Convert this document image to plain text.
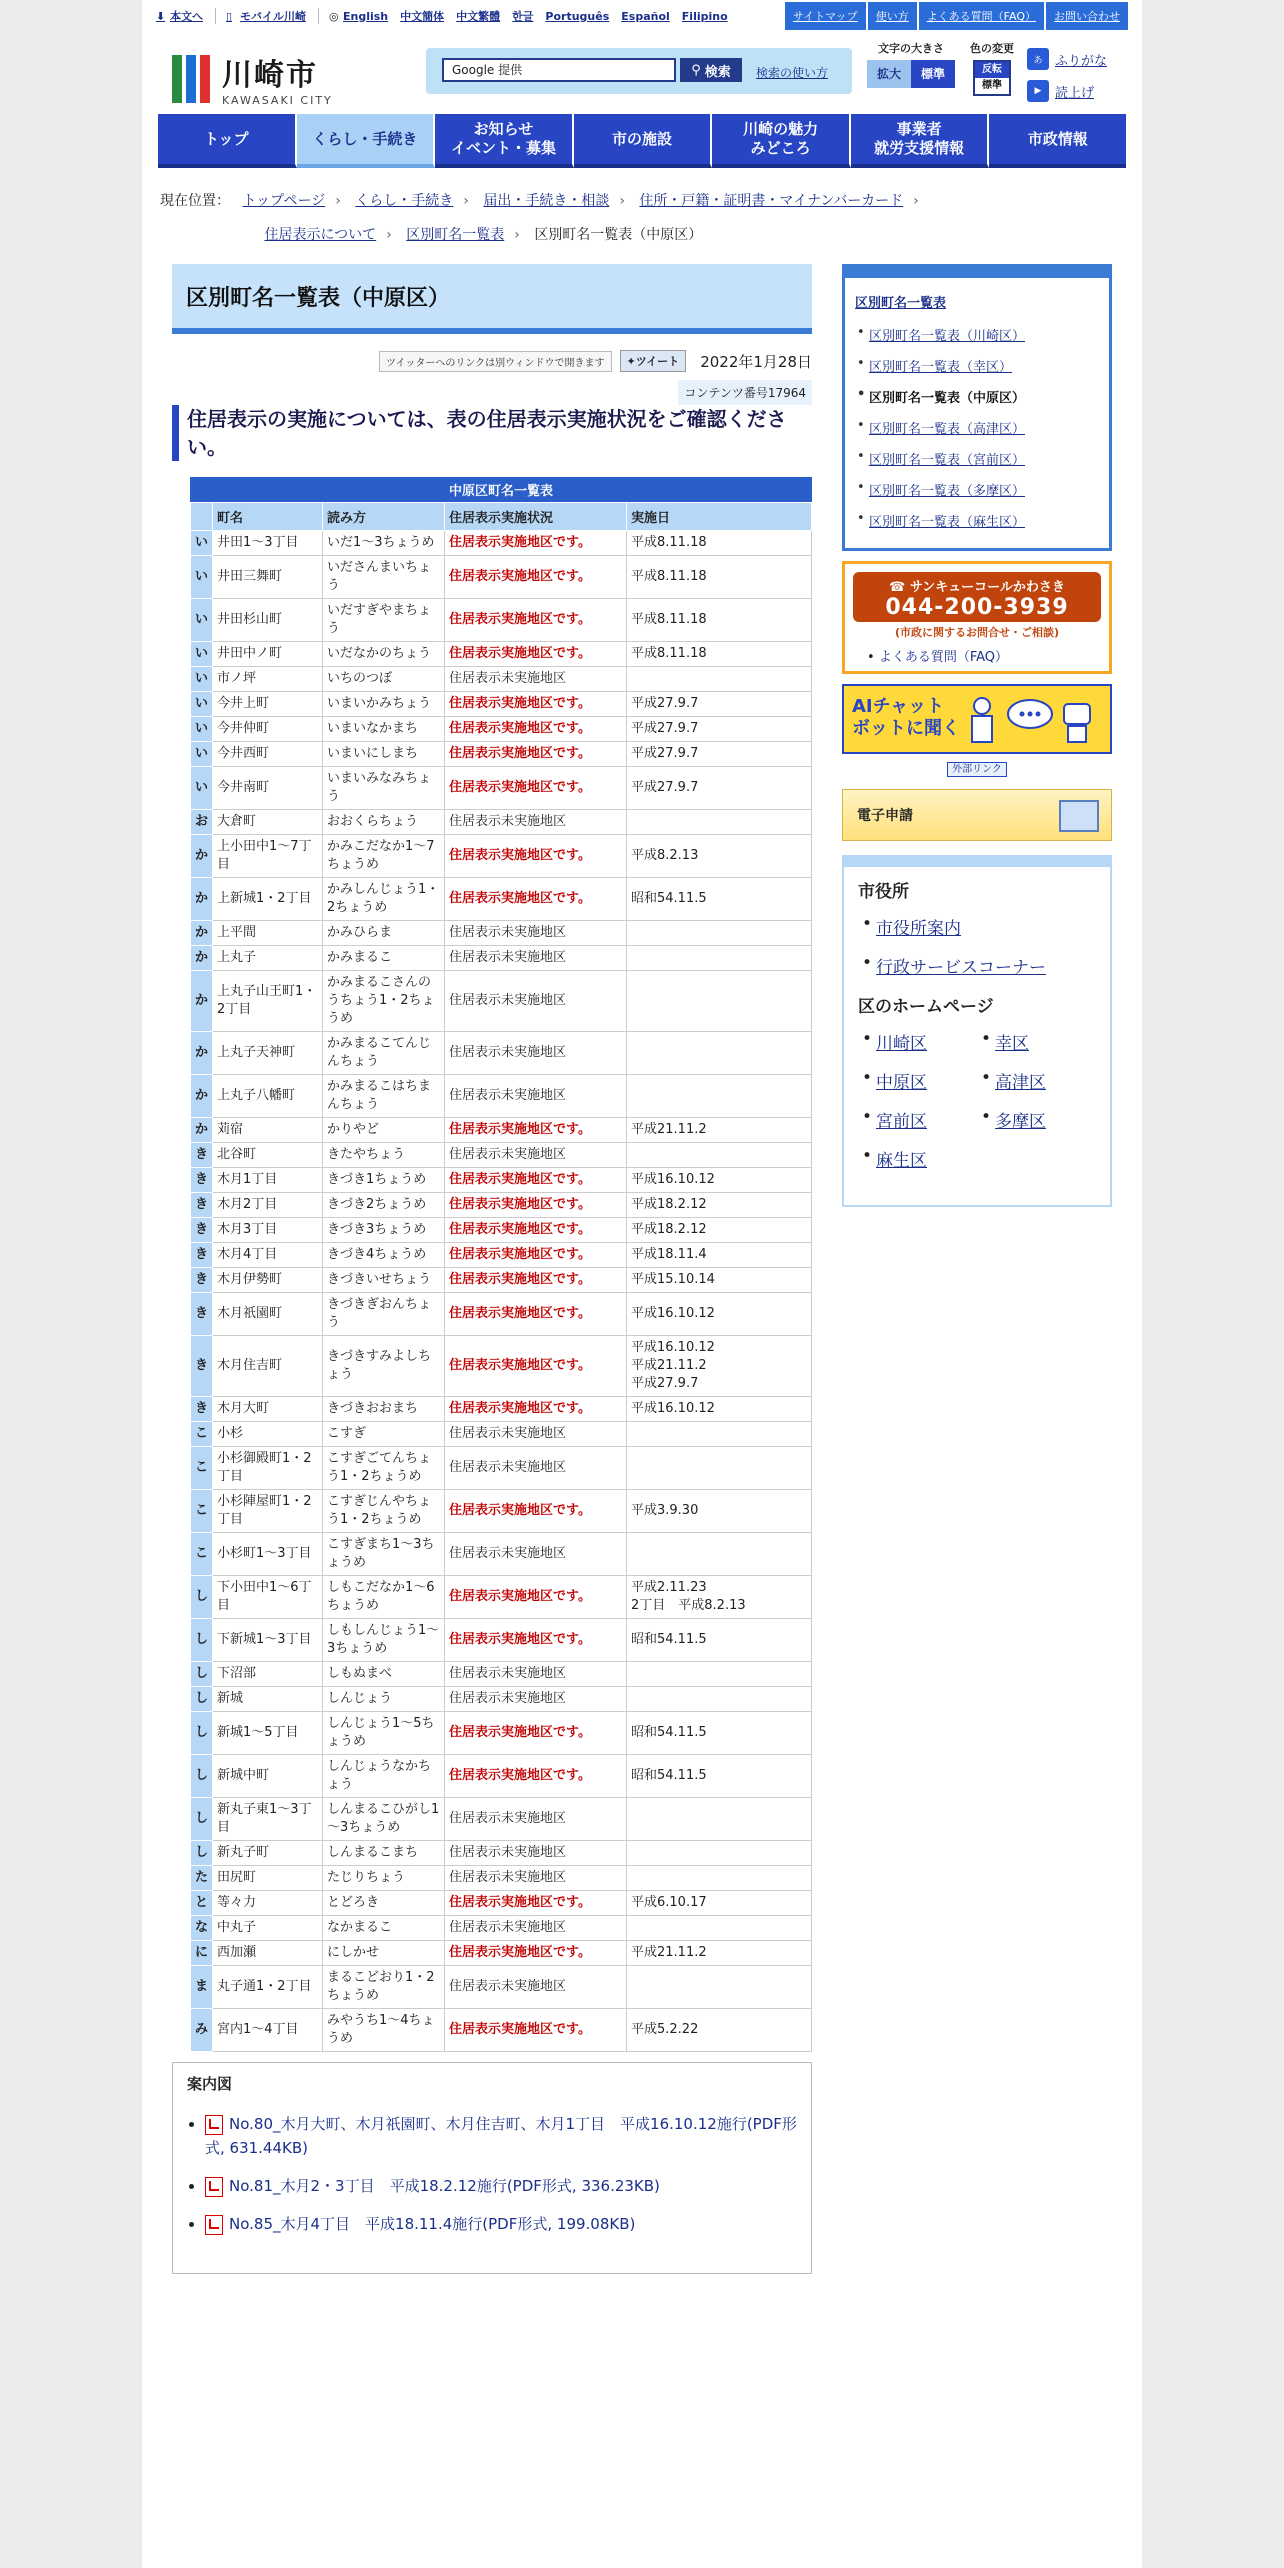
⬇ 本文へ ▯ モバイル川崎 ◎ English 中文簡体 中文繁體 한글 Português Español Filipino	サイトマップ	使い方	よくある質問（FAQ）	お問い合わせ
川崎市
KAWASAKI CITY
Google 提供	⚲ 検索 検索の使い方
文字の大きさ
拡大	標準
色の変更
反転
標準
あ ふりがな
▶	読上げ
トップ	くらし・手続き
お知らせ
イベント・募集
市の施設
川崎の魅力
みどころ
事業者
就労支援情報
市政情報
現在位置： トップページ › くらし・手続き › 届出・手続き・相談 › 住所・戸籍・証明書・マイナンバーカード ›
住居表示について › 区別町名一覧表 › 区別町名一覧表（中原区）
区別町名一覧表（中原区）
ツイッターへのリンクは別ウィンドウで開きます	✦ツイート	2022年1月28日
コンテンツ番号17964
住居表示の実施については、表の住居表示実施状況をご確認ください。
中原区町名一覧表
	町名	読み方	住居表示実施状況	実施日
い	井田1～3丁目	いだ1～3ちょうめ	住居表示実施地区です。	平成8.11.18
い	井田三舞町	いださんまいちょう	住居表示実施地区です。	平成8.11.18
い	井田杉山町	いだすぎやまちょう	住居表示実施地区です。	平成8.11.18
い	井田中ノ町	いだなかのちょう	住居表示実施地区です。	平成8.11.18
い	市ノ坪	いちのつぼ	住居表示未実施地区	
い	今井上町	いまいかみちょう	住居表示実施地区です。	平成27.9.7
い	今井仲町	いまいなかまち	住居表示実施地区です。	平成27.9.7
い	今井西町	いまいにしまち	住居表示実施地区です。	平成27.9.7
い	今井南町	いまいみなみちょう	住居表示実施地区です。	平成27.9.7
お	大倉町	おおくらちょう	住居表示未実施地区	
か	上小田中1～7丁目	かみこだなか1～7ちょうめ	住居表示実施地区です。	平成8.2.13
か	上新城1・2丁目	かみしんじょう1・2ちょうめ	住居表示実施地区です。	昭和54.11.5
か	上平間	かみひらま	住居表示未実施地区	
か	上丸子	かみまるこ	住居表示未実施地区	
か	上丸子山王町1・2丁目	かみまるこさんのうちょう1・2ちょうめ	住居表示未実施地区	
か	上丸子天神町	かみまるこてんじんちょう	住居表示未実施地区	
か	上丸子八幡町	かみまるこはちまんちょう	住居表示未実施地区	
か	苅宿	かりやど	住居表示実施地区です。	平成21.11.2
き	北谷町	きたやちょう	住居表示未実施地区	
き	木月1丁目	きづき1ちょうめ	住居表示実施地区です。	平成16.10.12
き	木月2丁目	きづき2ちょうめ	住居表示実施地区です。	平成18.2.12
き	木月3丁目	きづき3ちょうめ	住居表示実施地区です。	平成18.2.12
き	木月4丁目	きづき4ちょうめ	住居表示実施地区です。	平成18.11.4
き	木月伊勢町	きづきいせちょう	住居表示実施地区です。	平成15.10.14
き	木月祇園町	きづきぎおんちょう	住居表示実施地区です。	平成16.10.12
き	木月住吉町	きづきすみよしちょう	住居表示実施地区です。	平成16.10.12
平成21.11.2
平成27.9.7
き	木月大町	きづきおおまち	住居表示実施地区です。	平成16.10.12
こ	小杉	こすぎ	住居表示未実施地区	
こ	小杉御殿町1・2丁目	こすぎごてんちょう1・2ちょうめ	住居表示未実施地区	
こ	小杉陣屋町1・2丁目	こすぎじんやちょう1・2ちょうめ	住居表示実施地区です。	平成3.9.30
こ	小杉町1～3丁目	こすぎまち1～3ちょうめ	住居表示未実施地区	
し	下小田中1～6丁目	しもこだなか1～6ちょうめ	住居表示実施地区です。	平成2.11.23
2丁目　平成8.2.13
し	下新城1～3丁目	しもしんじょう1～3ちょうめ	住居表示実施地区です。	昭和54.11.5
し	下沼部	しもぬまべ	住居表示未実施地区	
し	新城	しんじょう	住居表示未実施地区	
し	新城1～5丁目	しんじょう1～5ちょうめ	住居表示実施地区です。	昭和54.11.5
し	新城中町	しんじょうなかちょう	住居表示実施地区です。	昭和54.11.5
し	新丸子東1～3丁目	しんまるこひがし1～3ちょうめ	住居表示未実施地区	
し	新丸子町	しんまるこまち	住居表示未実施地区	
た	田尻町	たじりちょう	住居表示未実施地区	
と	等々力	とどろき	住居表示実施地区です。	平成6.10.17
な	中丸子	なかまるこ	住居表示未実施地区	
に	西加瀬	にしかせ	住居表示実施地区です。	平成21.11.2
ま	丸子通1・2丁目	まるこどおり1・2ちょうめ	住居表示未実施地区	
み	宮内1～4丁目	みやうち1～4ちょうめ	住居表示実施地区です。	平成5.2.22
案内図
• No.80_木月大町、木月祇園町、木月住吉町、木月1丁目　平成16.10.12施行(PDF形式, 631.44KB)
• No.81_木月2・3丁目　平成18.2.12施行(PDF形式, 336.23KB)
• No.85_木月4丁目　平成18.11.4施行(PDF形式, 199.08KB)
区別町名一覧表
• 区別町名一覧表（川崎区）
• 区別町名一覧表（幸区）
• 区別町名一覧表（中原区）
• 区別町名一覧表（高津区）
• 区別町名一覧表（宮前区）
• 区別町名一覧表（多摩区）
• 区別町名一覧表（麻生区）
☎ サンキューコールかわさき
044-200-3939
(市政に関するお問合せ・ご相談)
• よくある質問（FAQ）
AIチャット
ボットに聞く
外部リンク
電子申請
市役所
• 市役所案内
• 行政サービスコーナー
区のホームページ
• 川崎区	• 幸区
• 中原区	• 高津区
• 宮前区	• 多摩区
• 麻生区
